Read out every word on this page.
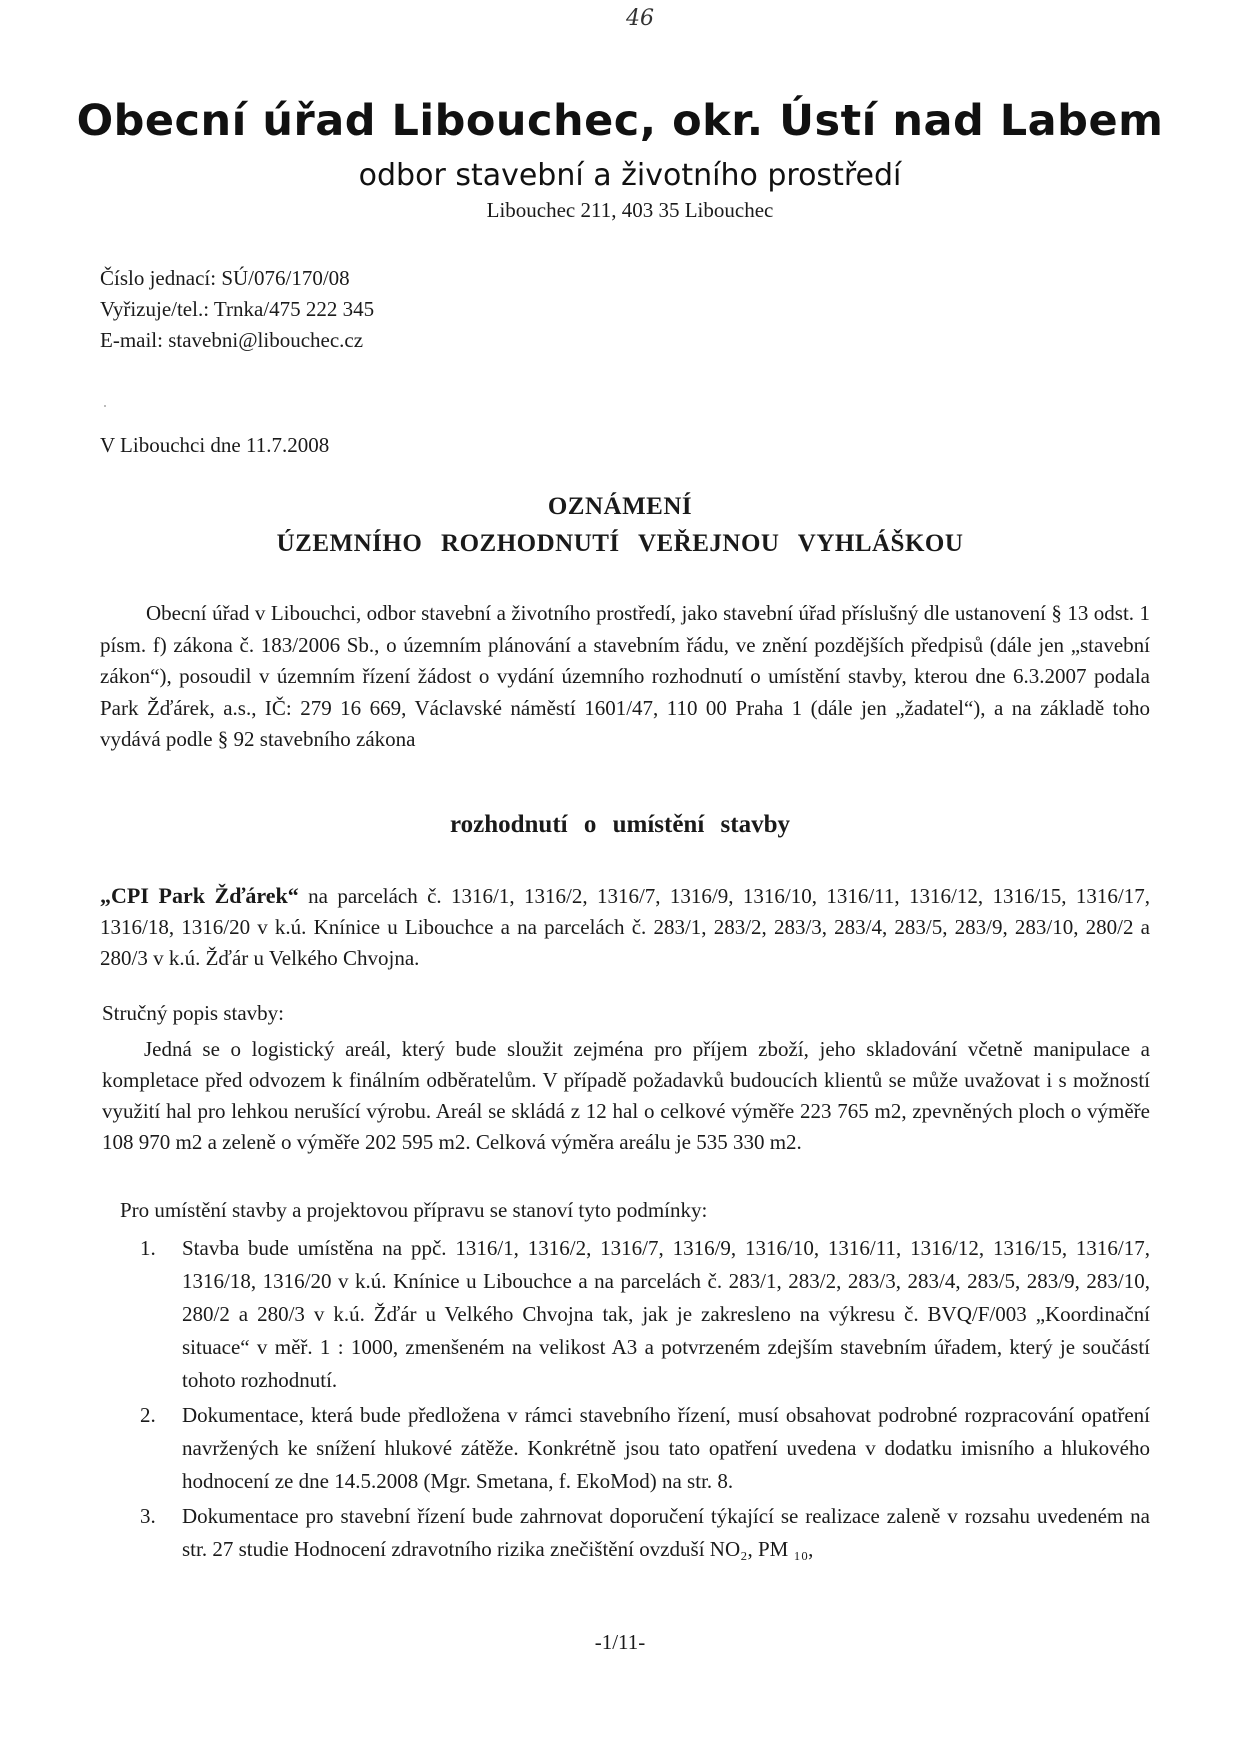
46
Obecní úřad Libouchec, okr. Ústí nad Labem
odbor stavební a životního prostředí
Libouchec 211, 403 35 Libouchec
Číslo jednací: SÚ/076/170/08
Vyřizuje/tel.: Trnka/475 222 345
E-mail: stavebni@libouchec.cz
V Libouchci dne 11.7.2008
OZNÁMENÍ
ÚZEMNÍHO ROZHODNUTÍ VEŘEJNOU VYHLÁŠKOU
Obecní úřad v Libouchci, odbor stavební a životního prostředí, jako stavební úřad příslušný dle ustanovení § 13 odst. 1 písm. f) zákona č. 183/2006 Sb., o územním plánování a stavebním řádu, ve znění pozdějších předpisů (dále jen „stavební zákon“), posoudil v územním řízení žádost o vydání územního rozhodnutí o umístění stavby, kterou dne 6.3.2007 podala Park Žďárek, a.s., IČ: 279 16 669, Václavské náměstí 1601/47, 110 00 Praha 1 (dále jen „žadatel“), a na základě toho vydává podle § 92 stavebního zákona
rozhodnutí o umístění stavby
„CPI Park Žďárek“ na parcelách č. 1316/1, 1316/2, 1316/7, 1316/9, 1316/10, 1316/11, 1316/12, 1316/15, 1316/17, 1316/18, 1316/20 v k.ú. Knínice u Libouchce a na parcelách č. 283/1, 283/2, 283/3, 283/4, 283/5, 283/9, 283/10, 280/2 a 280/3 v k.ú. Žďár u Velkého Chvojna.
Stručný popis stavby:
Jedná se o logistický areál, který bude sloužit zejména pro příjem zboží, jeho skladování včetně manipulace a kompletace před odvozem k finálním odběratelům. V případě požadavků budoucích klientů se může uvažovat i s možností využití hal pro lehkou nerušící výrobu. Areál se skládá z 12 hal o celkové výměře 223 765 m2, zpevněných ploch o výměře 108 970 m2 a zeleně o výměře 202 595 m2. Celková výměra areálu je 535 330 m2.
Pro umístění stavby a projektovou přípravu se stanoví tyto podmínky:
1.	Stavba bude umístěna na ppč. 1316/1, 1316/2, 1316/7, 1316/9, 1316/10, 1316/11, 1316/12, 1316/15, 1316/17, 1316/18, 1316/20 v k.ú. Knínice u Libouchce a na parcelách č. 283/1, 283/2, 283/3, 283/4, 283/5, 283/9, 283/10, 280/2 a 280/3 v k.ú. Žďár u Velkého Chvojna tak, jak je zakresleno na výkresu č. BVQ/F/003 „Koordinační situace“ v měř. 1 : 1000, zmenšeném na velikost A3 a potvrzeném zdejším stavebním úřadem, který je součástí tohoto rozhodnutí.
2.	Dokumentace, která bude předložena v rámci stavebního řízení, musí obsahovat podrobné rozpracování opatření navržených ke snížení hlukové zátěže. Konkrétně jsou tato opatření uvedena v dodatku imisního a hlukového hodnocení ze dne 14.5.2008 (Mgr. Smetana, f. EkoMod) na str. 8.
3.	Dokumentace pro stavební řízení bude zahrnovat doporučení týkající se realizace zaleně v rozsahu uvedeném na str. 27 studie Hodnocení zdravotního rizika znečištění ovzduší NO₂, PM ₁₀,
-1/11-
